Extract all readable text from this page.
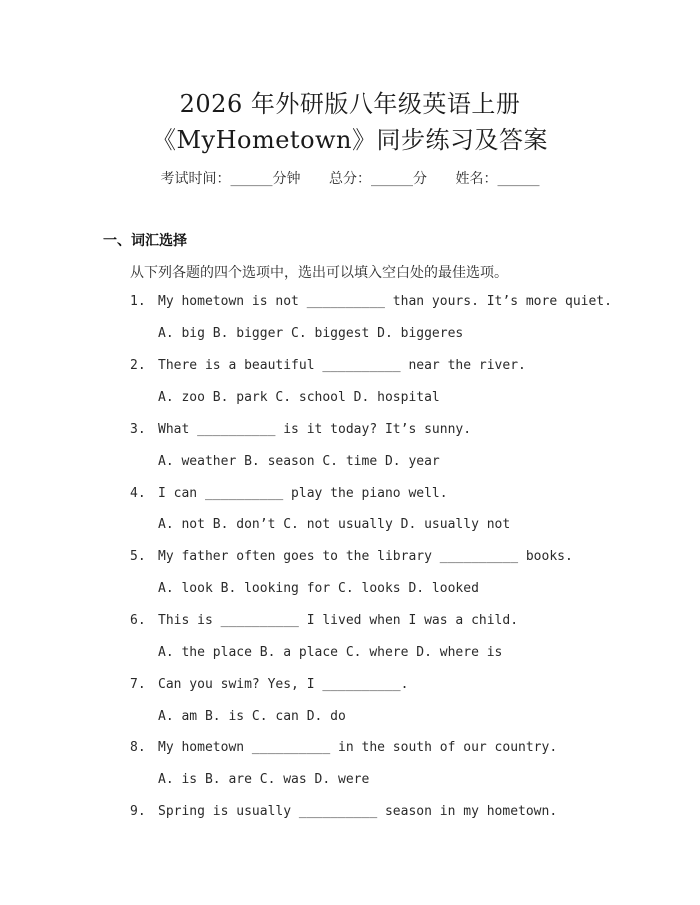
2026 年外研版八年级英语上册
《MyHometown》同步练习及答案
考试时间：______分钟 总分：______分 姓名：______
一、词汇选择
从下列各题的四个选项中，选出可以填入空白处的最佳选项。
1. My hometown is not __________ than yours. It’s more quiet.
A. big B. bigger C. biggest D. biggeres
2. There is a beautiful __________ near the river.
A. zoo B. park C. school D. hospital
3. What __________ is it today? It’s sunny.
A. weather B. season C. time D. year
4. I can __________ play the piano well.
A. not B. don’t C. not usually D. usually not
5. My father often goes to the library __________ books.
A. look B. looking for C. looks D. looked
6. This is __________ I lived when I was a child.
A. the place B. a place C. where D. where is
7. Can you swim? Yes, I __________.
A. am B. is C. can D. do
8. My hometown __________ in the south of our country.
A. is B. are C. was D. were
9. Spring is usually __________ season in my hometown.
